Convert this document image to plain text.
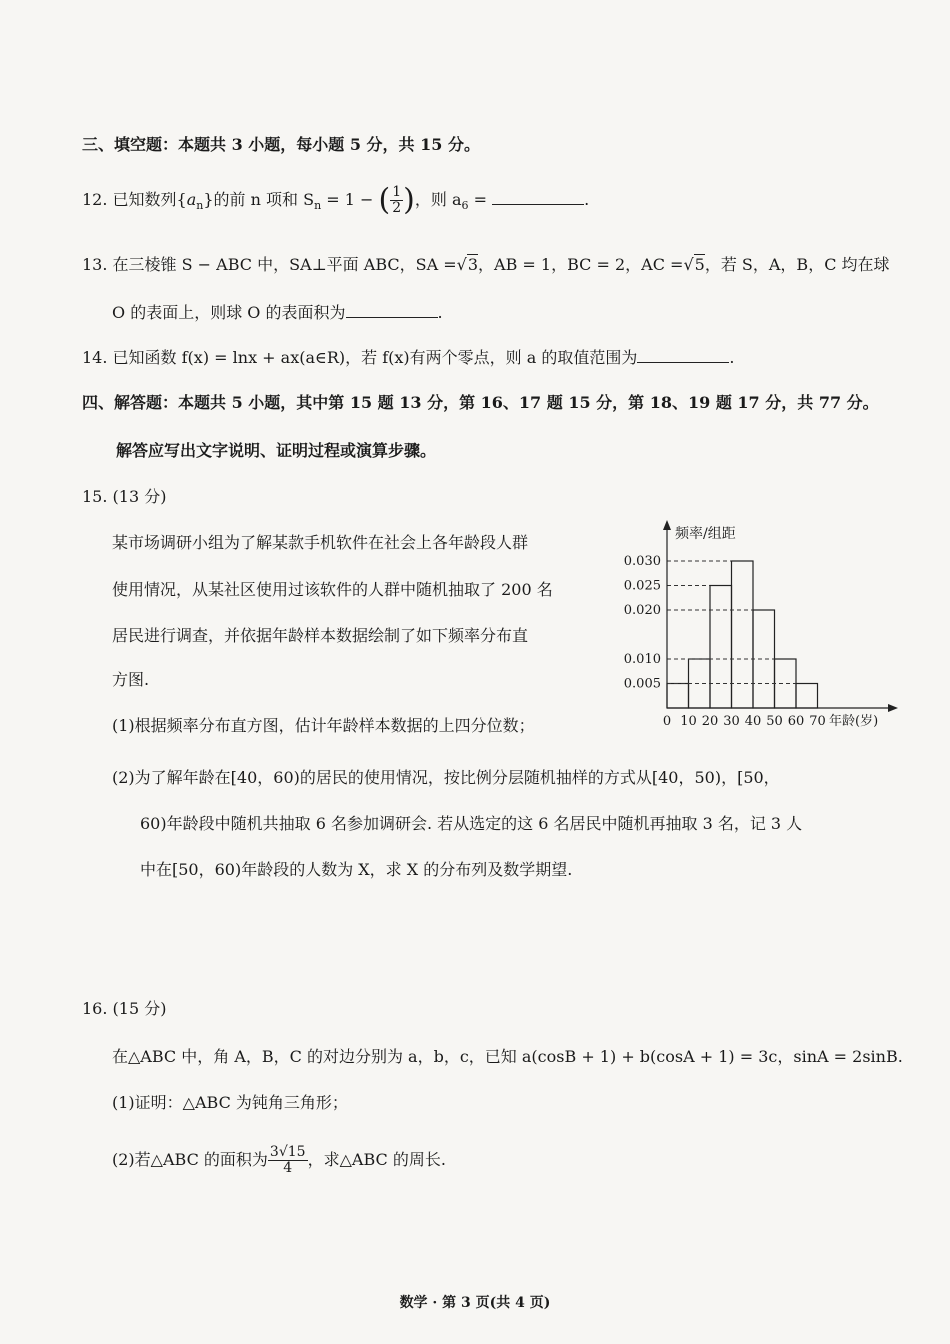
三、填空题：本题共 3 小题，每小题 5 分，共 15 分。
12. 已知数列$\{a_n\}$的前 n 项和 $S_n = 1$ − ( $\frac{1}{2}$ )，则 $a_6$ =	.
13. 在三棱锥 S − ABC 中，SA⊥平面 ABC，SA =√3，AB = 1，BC = 2，AC =√5，若 S，A，B，C 均在球
O 的表面上，则球 O 的表面积为	.
14. 已知函数 f(x) = lnx + ax(a∈R)，若 f(x)有两个零点，则 a 的取值范围为	.
四、解答题：本题共 5 小题，其中第 15 题 13 分，第 16、17 题 15 分，第 18、19 题 17 分，共 77 分。
解答应写出文字说明、证明过程或演算步骤。
15. (13 分)
某市场调研小组为了解某款手机软件在社会上各年龄段人群
使用情况，从某社区使用过该软件的人群中随机抽取了 200 名
居民进行调查，并依据年龄样本数据绘制了如下频率分布直
方图.
(1)根据频率分布直方图，估计年龄样本数据的上四分位数；
(2)为了解年龄在[40，60)的居民的使用情况，按比例分层随机抽样的方式从[40，50)，[50，
60)年龄段中随机共抽取 6 名参加调研会. 若从选定的这 6 名居民中随机再抽取 3 名，记 3 人
中在[50，60)年龄段的人数为 X，求 X 的分布列及数学期望.
0.005
0.010
0.020
0.025
0.030
0 10 20 30 40 50 60 70
频率/组距
年龄(岁)
16. (15 分)
在△ABC 中，角 A，B，C 的对边分别为 a，b，c，已知 a(cosB + 1) + b(cosA + 1) = 3c，sinA = 2sinB.
(1)证明：△ABC 为钝角三角形；
(2)若△ABC 的面积为 $\frac{3√15}{4}$ ，求△ABC 的周长.
数学 · 第 3 页(共 4 页)
